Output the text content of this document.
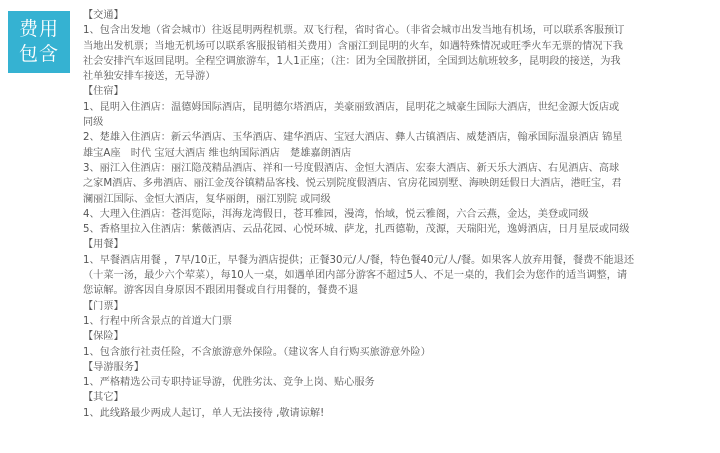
费用
包含
【交通】
1、包含出发地（省会城市）往返昆明两程机票。双飞行程，省时省心。（非省会城市出发当地有机场，可以联系客服预订
当地出发机票；当地无机场可以联系客服报销相关费用）含丽江到昆明的火车，如遇特殊情况或旺季火车无票的情况下我
社会安排汽车返回昆明。全程空调旅游车，1人1正座；（注：团为全国散拼团，全国到达航班较多，昆明段的接送，为我
社单独安排车接送，无导游）
【住宿】
1、昆明入住酒店：温德姆国际酒店，昆明德尔塔酒店，美豪丽致酒店，昆明花之城豪生国际大酒店，世纪金源大饭店或
同级
2、楚雄入住酒店：新云华酒店、玉华酒店、建华酒店、宝冠大酒店、彝人古镇酒店、威楚酒店，翰承国际温泉酒店 锦星
雄宝A座　时代 宝冠大酒店 维也纳国际酒店　楚雄嘉朗酒店
3、丽江入住酒店：丽江隐茂精品酒店、祥和一号度假酒店、金恒大酒店、宏泰大酒店、新天乐大酒店、右见酒店、高球
之家M酒店、多弗酒店、丽江金茂谷镇精品客栈、悦云别院度假酒店、官房花园别墅、海映朗廷假日大酒店，港旺宝，君
澜丽江国际、金恒大酒店，复华丽朗，丽江别院 或同级
4、大理入住酒店：苍洱览际，洱海龙湾假日，苍耳雅园，漫湾，怡域，悦云雅阁，六合云燕，金达，美登或同级
5、香格里拉入住酒店：紫薇酒店、云品花园、心悦环城、萨龙，扎西德勒，茂源，天瑞阳光，逸姆酒店，日月星辰或同级
【用餐】
1、早餐酒店用餐 ，7早/10正，早餐为酒店提供；正餐30元/人/餐，特色餐40元/人/餐。如果客人放弃用餐，餐费不能退还
（十菜一汤，最少六个荤菜），每10人一桌，如遇单团内部分游客不超过5人、不足一桌的，我们会为您作的适当调整，请
您谅解。游客因自身原因不跟团用餐或自行用餐的，餐费不退
【门票】
1、行程中所含景点的首道大门票
【保险】
1、包含旅行社责任险，不含旅游意外保险。（建议客人自行购买旅游意外险）
【导游服务】
1、严格精选公司专职持证导游，优胜劣汰、竞争上岗、贴心服务
【其它】
1、此线路最少两成人起订，单人无法接待 ,敬请谅解!
